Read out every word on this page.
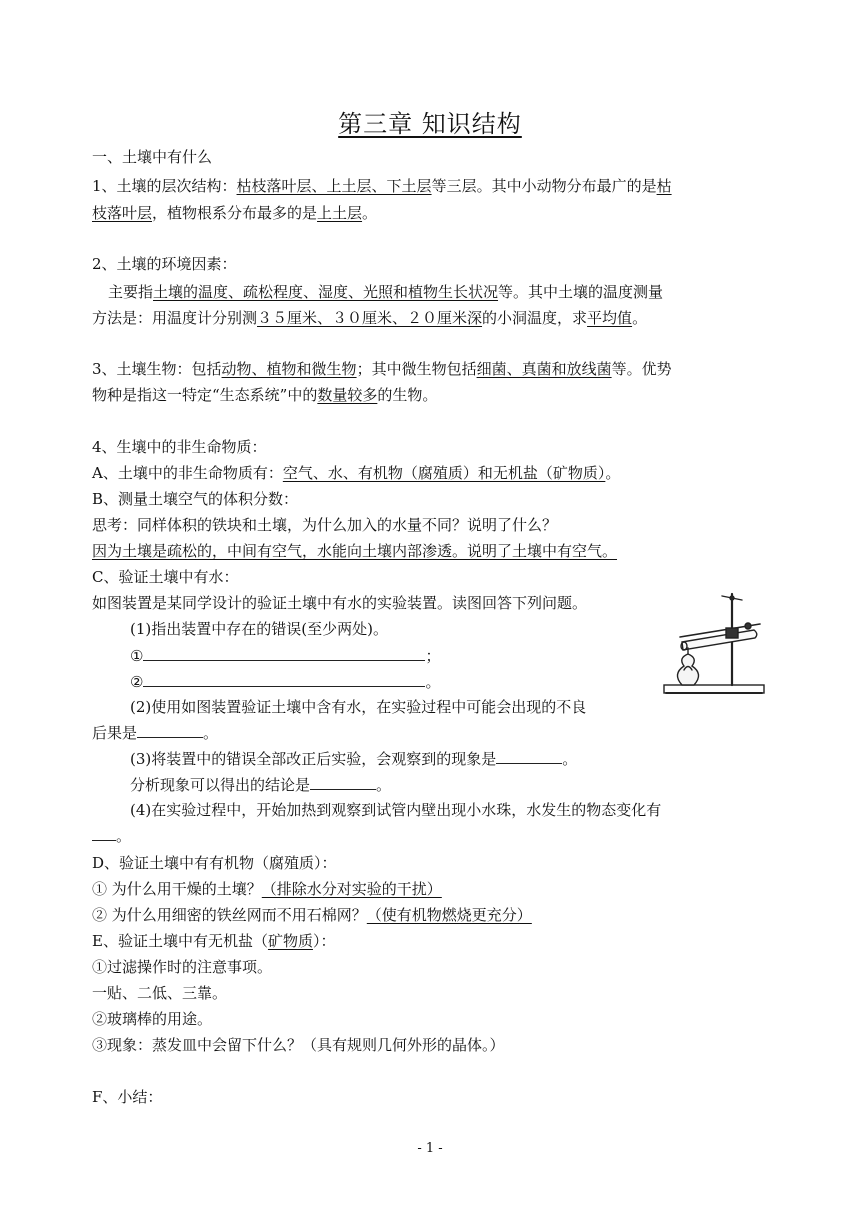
第三章 知识结构
一、土壤中有什么
1、土壤的层次结构：枯枝落叶层、上土层、下土层等三层。其中小动物分布最广的是枯
枝落叶层，植物根系分布最多的是上土层。
2、土壤的环境因素：
主要指土壤的温度、疏松程度、湿度、光照和植物生长状况等。其中土壤的温度测量
方法是：用温度计分别测３５厘米、３０厘米、２０厘米深的小洞温度，求平均值。
3、土壤生物：包括动物、植物和微生物；其中微生物包括细菌、真菌和放线菌等。优势
物种是指这一特定“生态系统”中的数量较多的生物。
4、生壤中的非生命物质：
A、土壤中的非生命物质有：空气、水、有机物（腐殖质）和无机盐（矿物质）。
B、测量土壤空气的体积分数：
思考：同样体积的铁块和土壤，为什么加入的水量不同？说明了什么？
因为土壤是疏松的，中间有空气，水能向土壤内部渗透。说明了土壤中有空气。
C、验证土壤中有水：
如图装置是某同学设计的验证土壤中有水的实验装置。读图回答下列问题。
(1)指出装置中存在的错误(至少两处)。
①	；
②	。
(2)使用如图装置验证土壤中含有水，在实验过程中可能会出现的不良
后果是	。
(3)将装置中的错误全部改正后实验，会观察到的现象是	。
分析现象可以得出的结论是	。
(4)在实验过程中，开始加热到观察到试管内壁出现小水珠，水发生的物态变化有
。
D、验证土壤中有有机物（腐殖质）：
① 为什么用干燥的土壤？（排除水分对实验的干扰）
② 为什么用细密的铁丝网而不用石棉网？（使有机物燃烧更充分）
E、验证土壤中有无机盐（矿物质）：
①过滤操作时的注意事项。
一贴、二低、三靠。
②玻璃棒的用途。
③现象：蒸发皿中会留下什么？（具有规则几何外形的晶体。）
F、小结：
- 1 -
